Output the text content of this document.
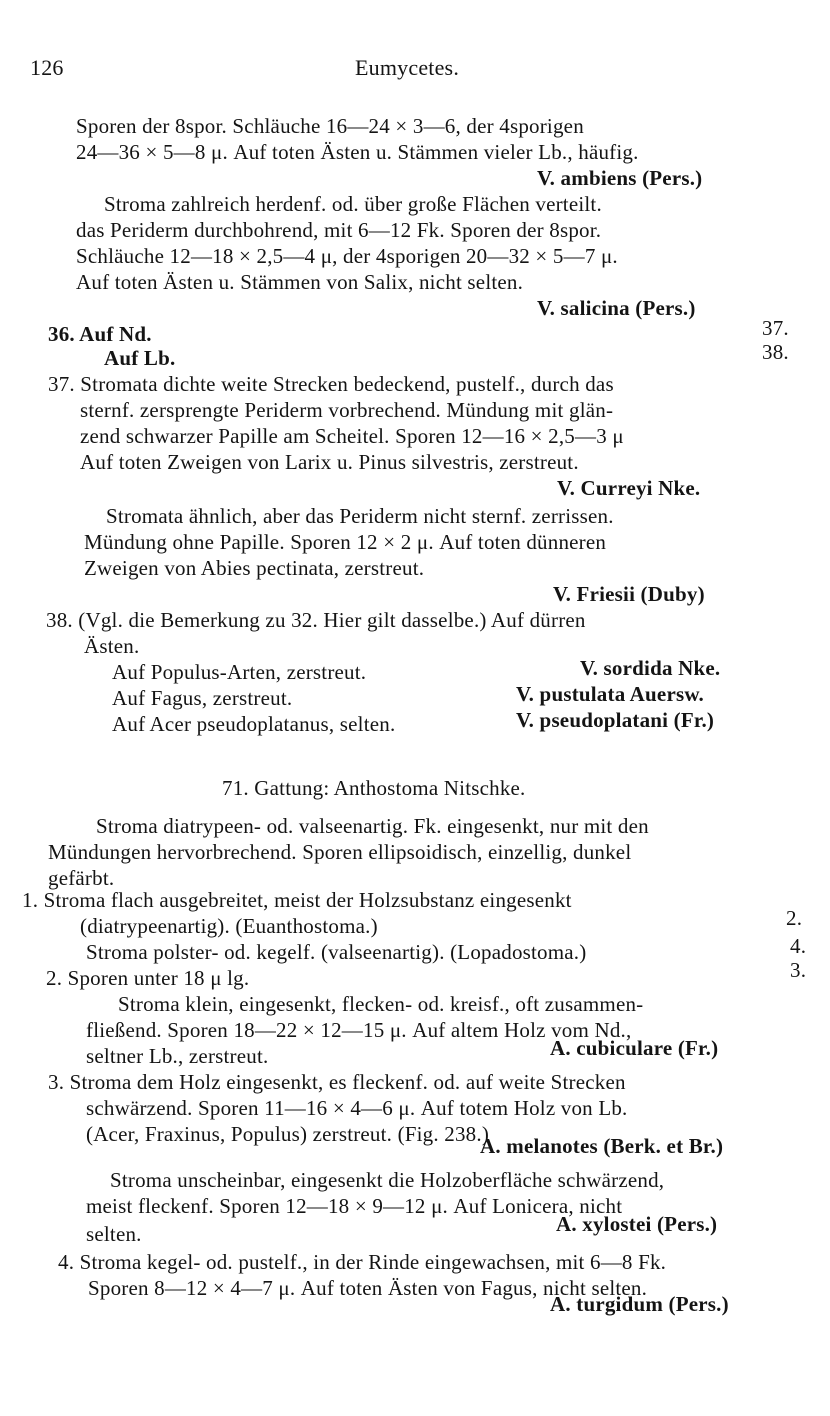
126	Eumycetes.
Sporen der 8spor. Schläuche 16—24 × 3—6, der 4sporigen
24—36 × 5—8 μ. Auf toten Ästen u. Stämmen vieler Lb., häufig.
V. ambiens (Pers.)
Stroma zahlreich herdenf. od. über große Flächen verteilt.
das Periderm durchbohrend, mit 6—12 Fk. Sporen der 8spor.
Schläuche 12—18 × 2,5—4 μ, der 4sporigen 20—32 × 5—7 μ.
Auf toten Ästen u. Stämmen von Salix, nicht selten.
V. salicina (Pers.)
36. Auf Nd.	37.
Auf Lb.	38.
37. Stromata dichte weite Strecken bedeckend, pustelf., durch das
sternf. zersprengte Periderm vorbrechend. Mündung mit glän-
zend schwarzer Papille am Scheitel. Sporen 12—16 × 2,5—3 μ
Auf toten Zweigen von Larix u. Pinus silvestris, zerstreut.
V. Curreyi Nke.
Stromata ähnlich, aber das Periderm nicht sternf. zerrissen.
Mündung ohne Papille. Sporen 12 × 2 μ. Auf toten dünneren
Zweigen von Abies pectinata, zerstreut.
V. Friesii (Duby)
38. (Vgl. die Bemerkung zu 32. Hier gilt dasselbe.) Auf dürren
Ästen.
Auf Populus-Arten, zerstreut.	V. sordida Nke.
Auf Fagus, zerstreut.	V. pustulata Auersw.
Auf Acer pseudoplatanus, selten.	V. pseudoplatani (Fr.)
71. Gattung: Anthostoma Nitschke.
Stroma diatrypeen- od. valseenartig. Fk. eingesenkt, nur mit den
Mündungen hervorbrechend. Sporen ellipsoidisch, einzellig, dunkel
gefärbt.
1. Stroma flach ausgebreitet, meist der Holzsubstanz eingesenkt
(diatrypeenartig). (Euanthostoma.)	2.
Stroma polster- od. kegelf. (valseenartig). (Lopadostoma.)	4.
2. Sporen unter 18 μ lg.	3.
Stroma klein, eingesenkt, flecken- od. kreisf., oft zusammen-
fließend. Sporen 18—22 × 12—15 μ. Auf altem Holz vom Nd.,
seltner Lb., zerstreut.	A. cubiculare (Fr.)
3. Stroma dem Holz eingesenkt, es fleckenf. od. auf weite Strecken
schwärzend. Sporen 11—16 × 4—6 μ. Auf totem Holz von Lb.
(Acer, Fraxinus, Populus) zerstreut. (Fig. 238.)
A. melanotes (Berk. et Br.)
Stroma unscheinbar, eingesenkt die Holzoberfläche schwärzend,
meist fleckenf. Sporen 12—18 × 9—12 μ. Auf Lonicera, nicht
selten.	A. xylostei (Pers.)
4. Stroma kegel- od. pustelf., in der Rinde eingewachsen, mit 6—8 Fk.
Sporen 8—12 × 4—7 μ. Auf toten Ästen von Fagus, nicht selten.
A. turgidum (Pers.)
